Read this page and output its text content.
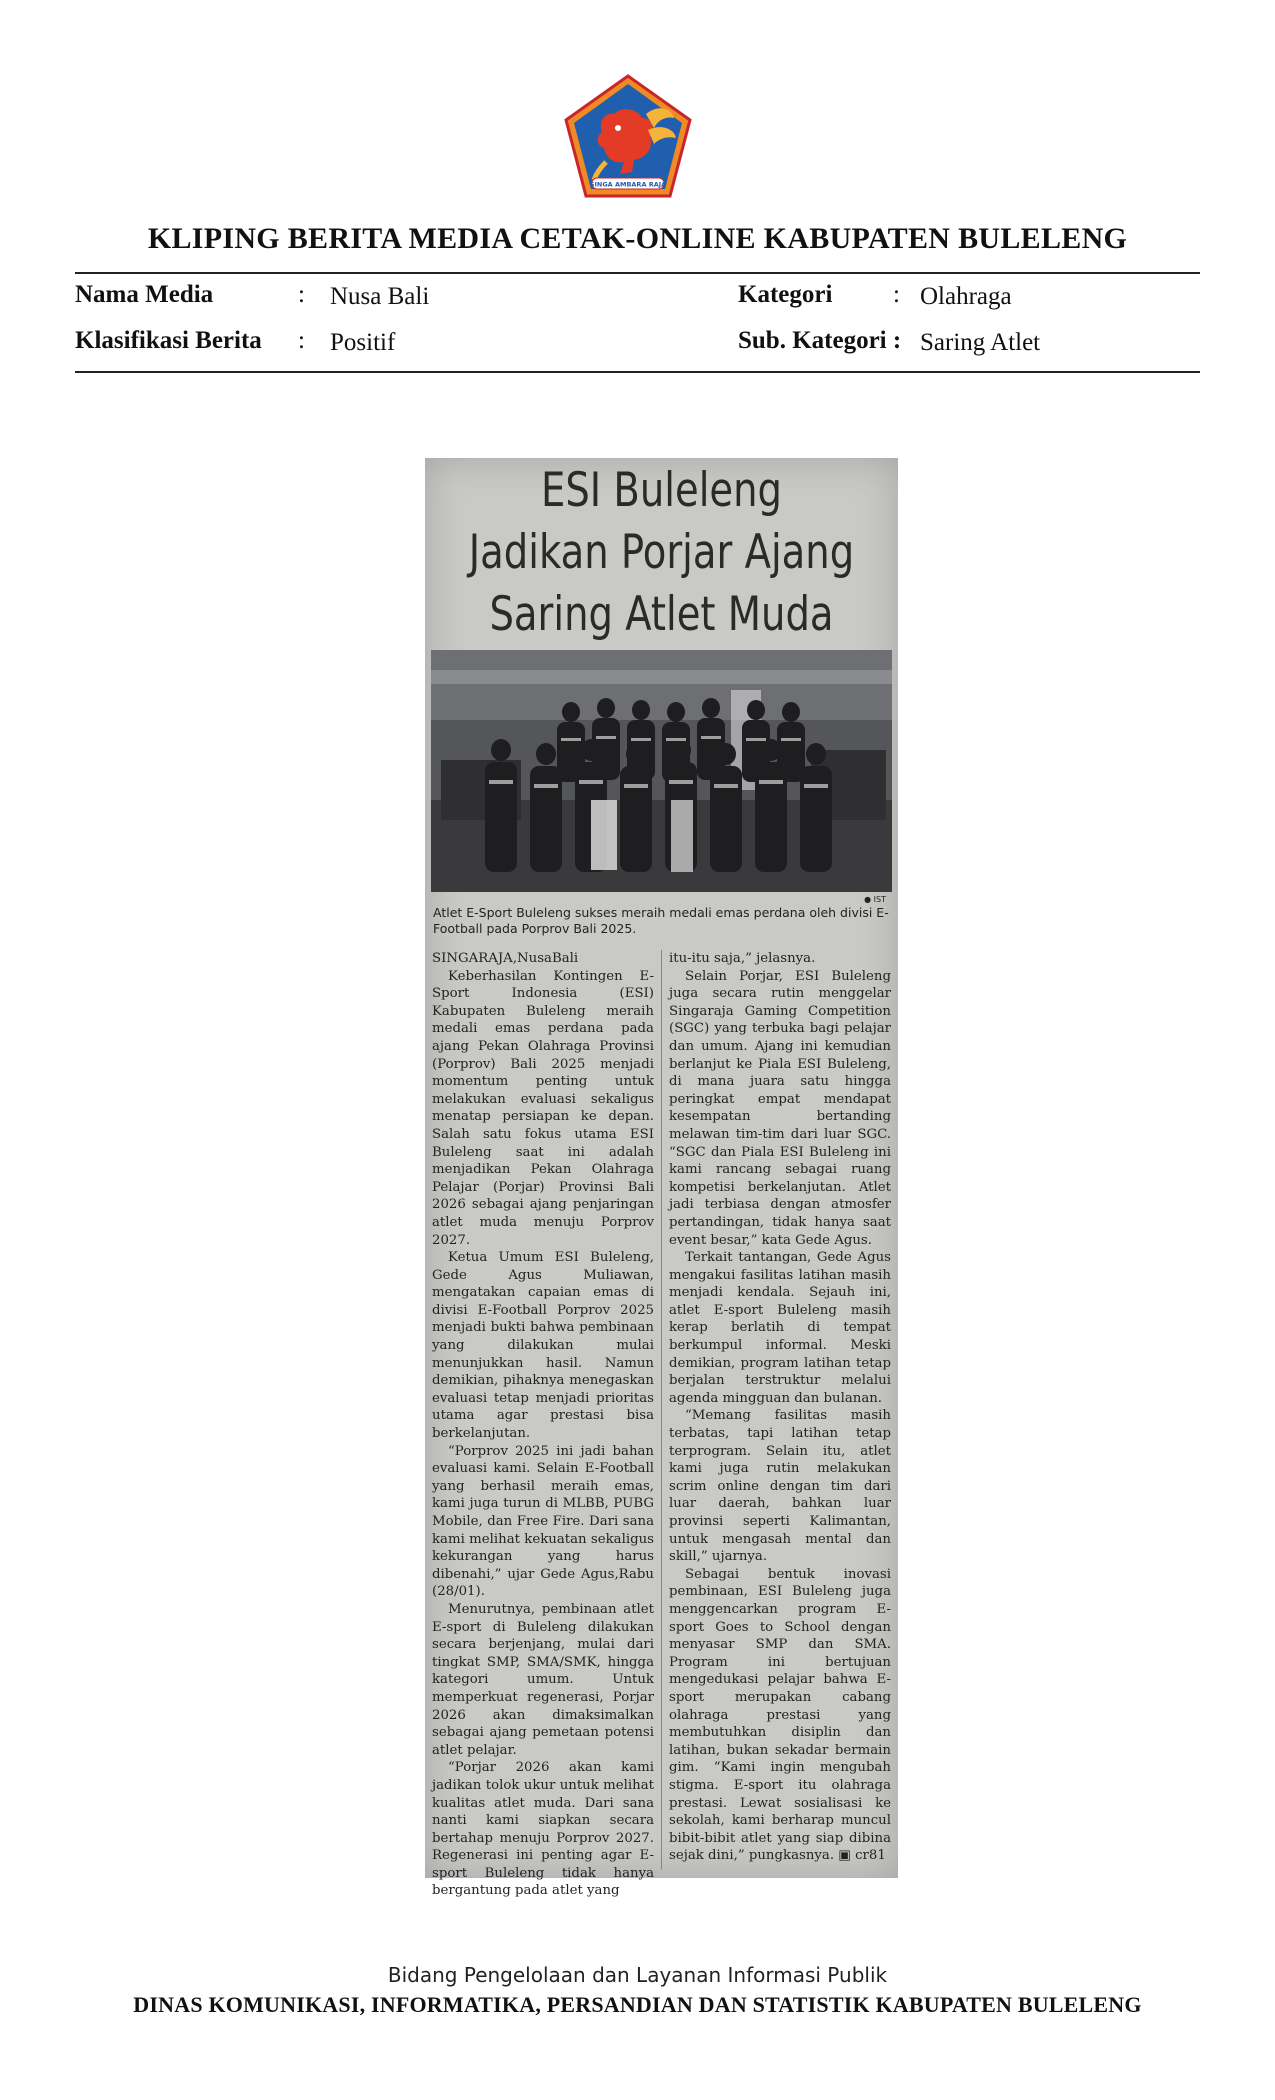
SINGA AMBARA RAJA
KLIPING BERITA MEDIA CETAK-ONLINE KABUPATEN BULELENG
Nama Media	: Nusa Bali
Klasifikasi Berita : Positif
Kategori : Olahraga
Sub. Kategori : Saring Atlet
ESI Buleleng
Jadikan Porjar Ajang
Saring Atlet Muda
● IST
Atlet E-Sport Buleleng sukses meraih medali emas perdana oleh divisi E-Football pada Porprov Bali 2025.

SINGARAJA,NusaBali

Keberhasilan Kontingen E-Sport Indonesia (ESI) Kabupaten Buleleng meraih medali emas perdana pada ajang Pekan Olahraga Provinsi (Porprov) Bali 2025 menjadi momentum penting untuk melakukan evaluasi sekaligus menatap persiapan ke depan. Salah satu fokus utama ESI Buleleng saat ini adalah menjadikan Pekan Olahraga Pelajar (Porjar) Provinsi Bali 2026 sebagai ajang penjaringan atlet muda menuju Porprov 2027.

Ketua Umum ESI Buleleng, Gede Agus Muliawan, mengatakan capaian emas di divisi E-Football Porprov 2025 menjadi bukti bahwa pembinaan yang dilakukan mulai menunjukkan hasil. Namun demikian, pihaknya menegaskan evaluasi tetap menjadi prioritas utama agar prestasi bisa berkelanjutan.

“Porprov 2025 ini jadi bahan evaluasi kami. Selain E-Football yang berhasil meraih emas, kami juga turun di MLBB, PUBG Mobile, dan Free Fire. Dari sana kami melihat kekuatan sekaligus kekurangan yang harus dibenahi,” ujar Gede Agus,Rabu (28/01).

Menurutnya, pembinaan atlet E-sport di Buleleng dilakukan secara berjenjang, mulai dari tingkat SMP, SMA/SMK, hingga kategori umum. Untuk memperkuat regenerasi, Porjar 2026 akan dimaksimalkan sebagai ajang pemetaan potensi atlet pelajar.

“Porjar 2026 akan kami jadikan tolok ukur untuk melihat kualitas atlet muda. Dari sana nanti kami siapkan secara bertahap menuju Porprov 2027. Regenerasi ini penting agar E-sport Buleleng tidak hanya bergantung pada atlet yang

itu-itu saja,” jelasnya.

Selain Porjar, ESI Buleleng juga secara rutin menggelar Singaraja Gaming Competition (SGC) yang terbuka bagi pelajar dan umum. Ajang ini kemudian berlanjut ke Piala ESI Buleleng, di mana juara satu hingga peringkat empat mendapat kesempatan bertanding melawan tim-tim dari luar SGC. “SGC dan Piala ESI Buleleng ini kami rancang sebagai ruang kompetisi berkelanjutan. Atlet jadi terbiasa dengan atmosfer pertandingan, tidak hanya saat event besar,” kata Gede Agus.

Terkait tantangan, Gede Agus mengakui fasilitas latihan masih menjadi kendala. Sejauh ini, atlet E-sport Buleleng masih kerap berlatih di tempat berkumpul informal. Meski demikian, program latihan tetap berjalan terstruktur melalui agenda mingguan dan bulanan.

“Memang fasilitas masih terbatas, tapi latihan tetap terprogram. Selain itu, atlet kami juga rutin melakukan scrim online dengan tim dari luar daerah, bahkan luar provinsi seperti Kalimantan, untuk mengasah mental dan skill,” ujarnya.

Sebagai bentuk inovasi pembinaan, ESI Buleleng juga menggencarkan program E-sport Goes to School dengan menyasar SMP dan SMA. Program ini bertujuan mengedukasi pelajar bahwa E-sport merupakan cabang olahraga prestasi yang membutuhkan disiplin dan latihan, bukan sekadar bermain gim. “Kami ingin mengubah stigma. E-sport itu olahraga prestasi. Lewat sosialisasi ke sekolah, kami berharap muncul bibit-bibit atlet yang siap dibina sejak dini,” pungkasnya. ▣ cr81

Bidang Pengelolaan dan Layanan Informasi Publik
DINAS KOMUNIKASI, INFORMATIKA, PERSANDIAN DAN STATISTIK KABUPATEN BULELENG
